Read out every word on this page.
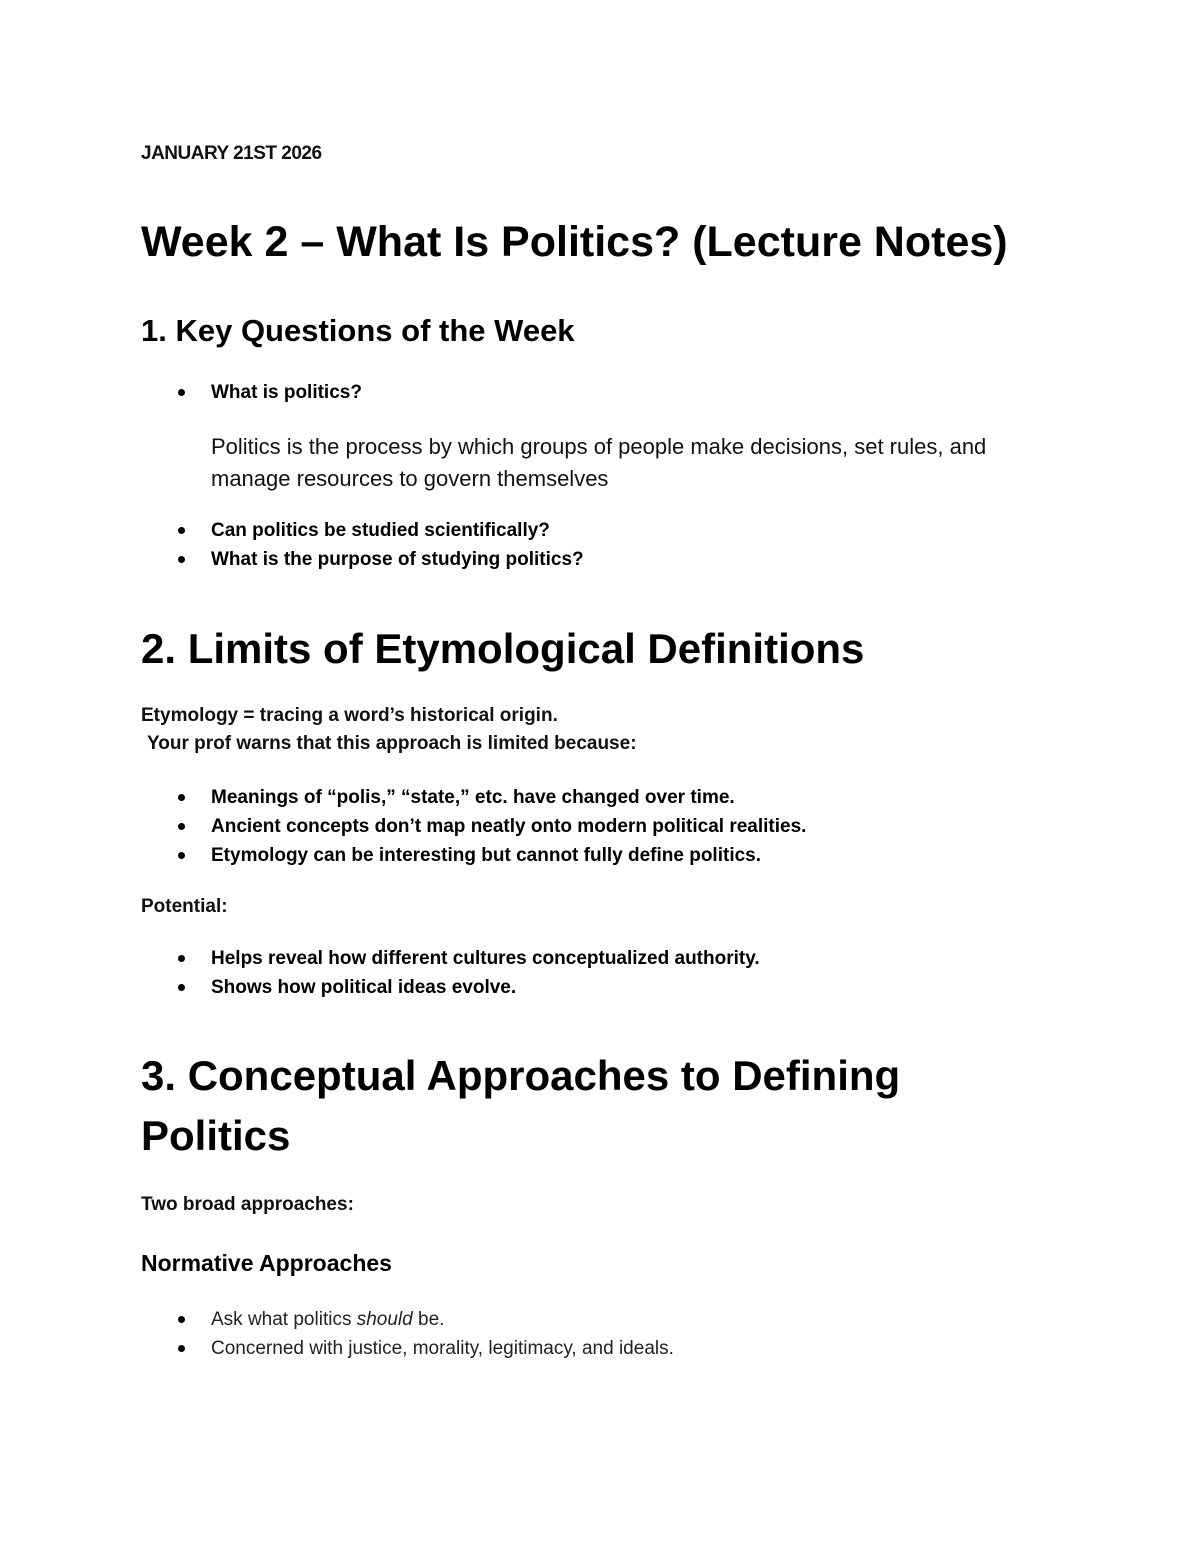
JANUARY 21ST 2026

Week 2 – What Is Politics? (Lecture Notes)
1. Key Questions of the Week
What is politics?

Politics is the process by which groups of people make decisions, set rules, and manage resources to govern themselves

Can politics be studied scientifically?
What is the purpose of studying politics?
2. Limits of Etymological Definitions

Etymology = tracing a word’s historical origin.

Your prof warns that this approach is limited because:

Meanings of “polis,” “state,” etc. have changed over time.
Ancient concepts don’t map neatly onto modern political realities.
Etymology can be interesting but cannot fully define politics.

Potential:

Helps reveal how different cultures conceptualized authority.
Shows how political ideas evolve.
3. Conceptual Approaches to Defining
Politics

Two broad approaches:

Normative Approaches
Ask what politics should be.
Concerned with justice, morality, legitimacy, and ideals.
